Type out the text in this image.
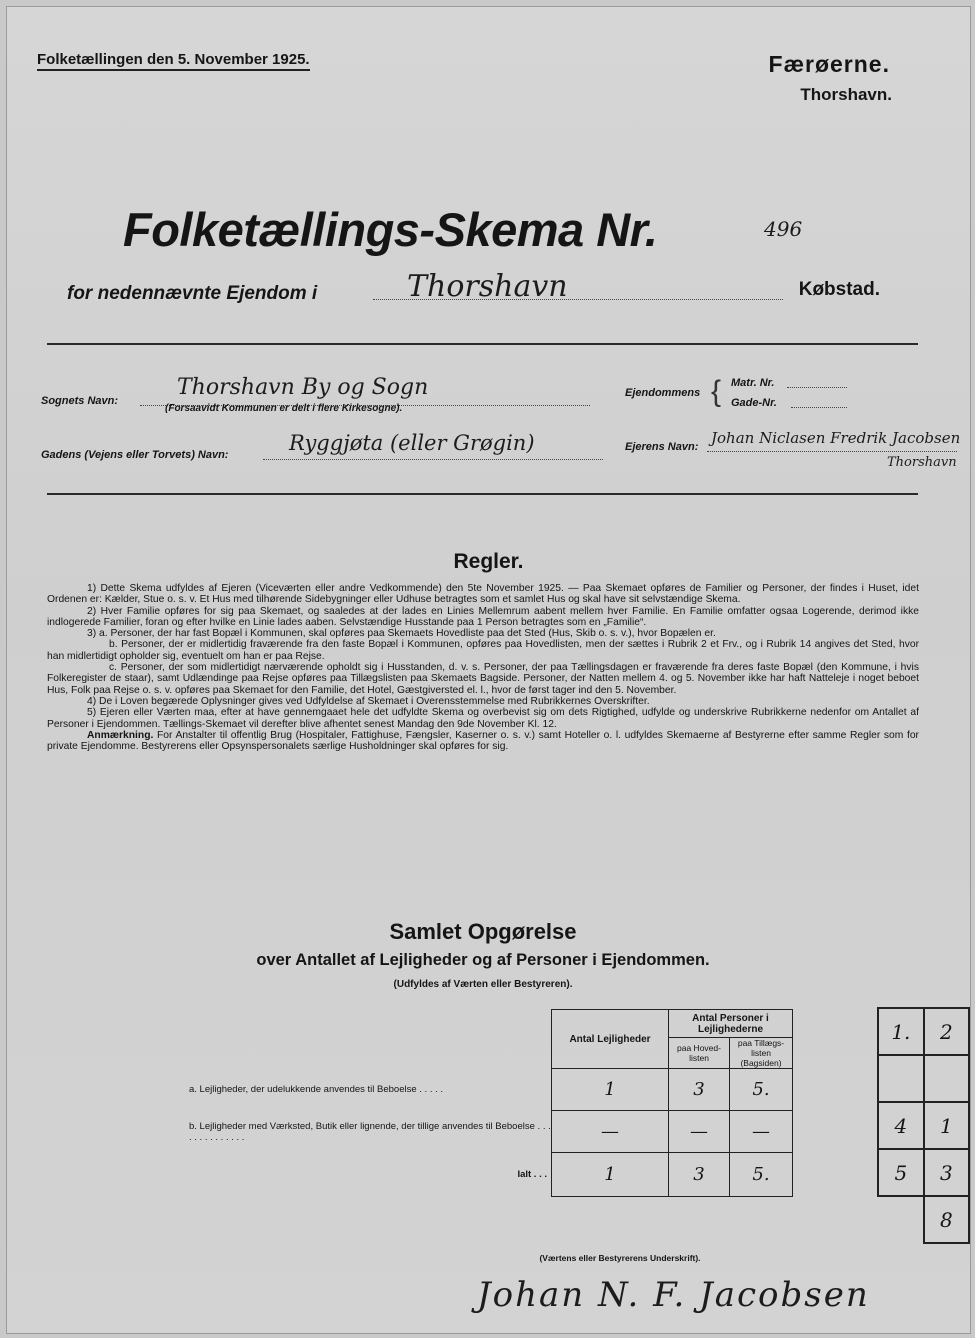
Folketællingen den 5. November 1925.	Færøerne.
Thorshavn.
Folketællings-Skema Nr.	496
for nedennævnte Ejendom i	Thorshavn	Købstad.
Sognets Navn:
Thorshavn By og Sogn
(Forsaavidt Kommunen er delt i flere Kirkesogne).
Ejendommens { Matr. Nr.
Gade-Nr.
Gadens (Vejens eller Torvets) Navn:	Ryggjøta (eller Grøgin)	Ejerens Navn: Johan Niclasen Fredrik Jacobsen
Thorshavn
Regler.

1) Dette Skema udfyldes af Ejeren (Viceværten eller andre Vedkommende) den 5te November 1925. — Paa Skemaet opføres de Familier og Personer, der findes i Huset, idet Ordenen er: Kælder, Stue o. s. v. Et Hus med tilhørende Sidebygninger eller Udhuse betragtes som et samlet Hus og skal have sit selvstændige Skema.

2) Hver Familie opføres for sig paa Skemaet, og saaledes at der lades en Linies Mellemrum aabent mellem hver Familie. En Familie omfatter ogsaa Logerende, derimod ikke indlogerede Familier, foran og efter hvilke en Linie lades aaben. Selvstændige Husstande paa 1 Person betragtes som en „Familie“.

3) a. Personer, der har fast Bopæl i Kommunen, skal opføres paa Skemaets Hovedliste paa det Sted (Hus, Skib o. s. v.), hvor Bopælen er.

b. Personer, der er midlertidig fraværende fra den faste Bopæl i Kommunen, opføres paa Hovedlisten, men der sættes i Rubrik 2 et Frv., og i Rubrik 14 angives det Sted, hvor han midlertidigt opholder sig, eventuelt om han er paa Rejse.

c. Personer, der som midlertidigt nærværende opholdt sig i Husstanden, d. v. s. Personer, der paa Tællingsdagen er fraværende fra deres faste Bopæl (den Kommune, i hvis Folkeregister de staar), samt Udlændinge paa Rejse opføres paa Tillægslisten paa Skemaets Bagside. Personer, der Natten mellem 4. og 5. November ikke har haft Natteleje i noget beboet Hus, Folk paa Rejse o. s. v. opføres paa Skemaet for den Familie, det Hotel, Gæstgiversted el. l., hvor de først tager ind den 5. November.

4) De i Loven begærede Oplysninger gives ved Udfyldelse af Skemaet i Overensstemmelse med Rubrikkernes Overskrifter.

5) Ejeren eller Værten maa, efter at have gennemgaaet hele det udfyldte Skema og overbevist sig om dets Rigtighed, udfylde og underskrive Rubrikkerne nedenfor om Antallet af Personer i Ejendommen. Tællings-Skemaet vil derefter blive afhentet senest Mandag den 9de November Kl. 12.

Anmærkning. For Anstalter til offentlig Brug (Hospitaler, Fattighuse, Fængsler, Kaserner o. s. v.) samt Hoteller o. l. udfyldes Skemaerne af Bestyrerne efter samme Regler som for private Ejendomme. Bestyrerens eller Opsynspersonalets særlige Husholdninger skal opføres for sig.

Samlet Opgørelse
over Antallet af Lejligheder og af Personer i Ejendommen.
(Udfyldes af Værten eller Bestyreren).
	Antal Lejligheder	Antal Personer i Lejlighederne	
		paa Hoved-listen	paa Tillægs-listen (Bagsiden)
a. Lejligheder, der udelukkende anvendes til Beboelse . . . . .	1	3	5.
b. Lejligheder med Værksted, Butik eller lignende, der tillige anvendes til Beboelse . . . . . . . . . . . . . .	—	—	—
Ialt . . .	1	3	5.
1.	2

4	1
5	3
	8
(Værtens eller Bestyrerens Underskrift).
Johan N. F. Jacobsen
